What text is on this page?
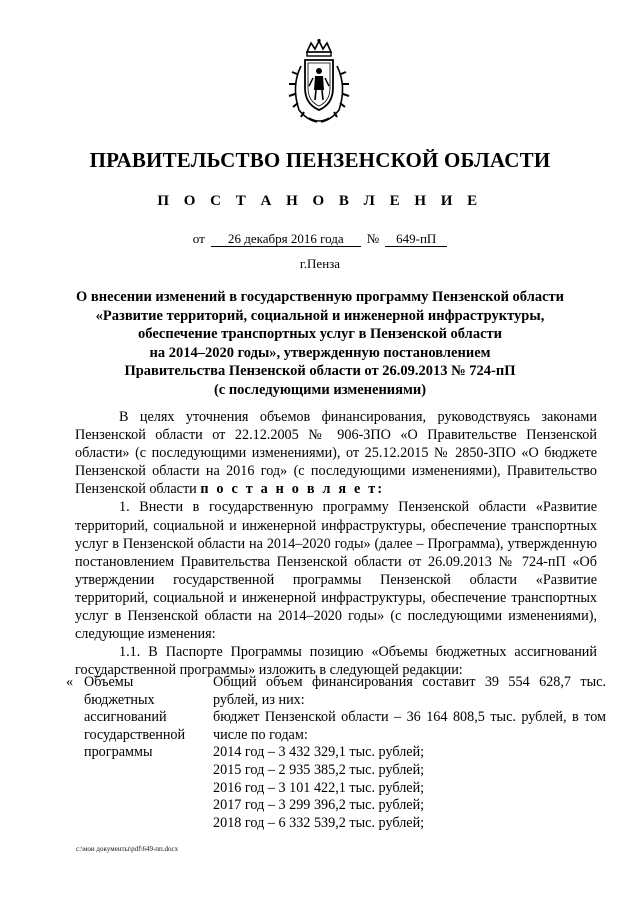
ПРАВИТЕЛЬСТВО ПЕНЗЕНСКОЙ ОБЛАСТИ
П О С Т А Н О В Л Е Н И Е
от 26 декабря 2016 года № 649-пП
г.Пенза
О внесении изменений в государственную программу Пензенской области
«Развитие территорий, социальной и инженерной инфраструктуры,
обеспечение транспортных услуг в Пензенской области
на 2014–2020 годы», утвержденную постановлением
Правительства Пензенской области от 26.09.2013 № 724-пП
(с последующими изменениями)

В целях уточнения объемов финансирования, руководствуясь законами Пензенской области от 22.12.2005 № 906-ЗПО «О Правительстве Пензенской области» (с последующими изменениями), от 25.12.2015 № 2850-ЗПО «О бюджете Пензенской области на 2016 год» (с последующими изменениями), Правительство Пензенской области п о с т а н о в л я е т:

1. Внести в государственную программу Пензенской области «Развитие территорий, социальной и инженерной инфраструктуры, обеспечение транспортных услуг в Пензенской области на 2014–2020 годы» (далее – Программа), утвержденную постановлением Правительства Пензенской области от 26.09.2013 № 724-пП «Об утверждении государственной программы Пензенской области «Развитие территорий, социальной и инженерной инфраструктуры, обеспечение транспортных услуг в Пензенской области на 2014–2020 годы» (с последующими изменениями), следующие изменения:

1.1. В Паспорте Программы позицию «Объемы бюджетных ассигнований государственной программы» изложить в следующей редакции:

« Объемы
бюджетных
ассигнований
государственной
программы
Общий объем финансирования составит 39 554 628,7 тыс. рублей, из них:
бюджет Пензенской области – 36 164 808,5 тыс. рублей, в том числе по годам:
2014 год – 3 432 329,1 тыс. рублей;
2015 год – 2 935 385,2 тыс. рублей;
2016 год – 3 101 422,1 тыс. рублей;
2017 год – 3 299 396,2 тыс. рублей;
2018 год – 6 332 539,2 тыс. рублей;
c:\мои документы\pdf\649-пп.docx
